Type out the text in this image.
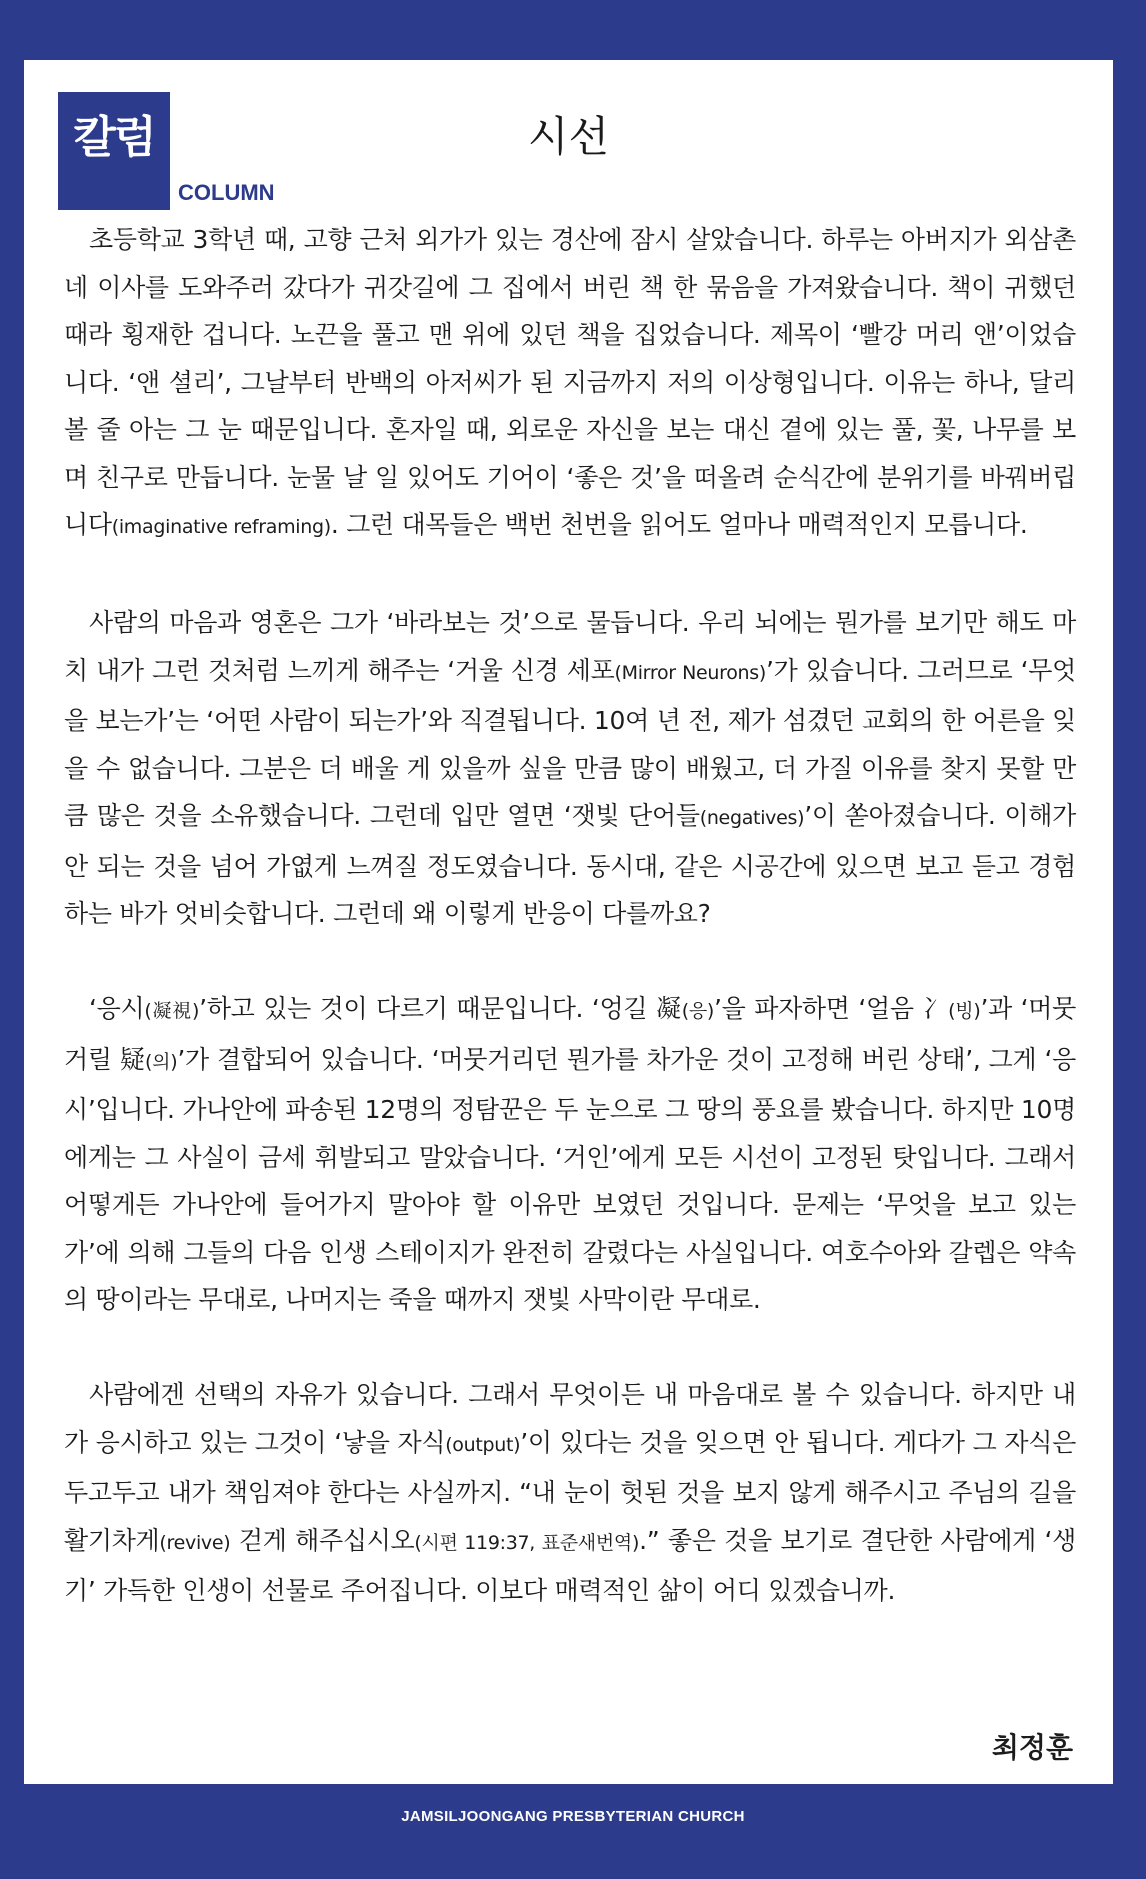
칼럼
COLUMN
시선

초등학교 3학년 때, 고향 근처 외가가 있는 경산에 잠시 살았습니다. 하루는 아버지가 외삼촌네 이사를 도와주러 갔다가 귀갓길에 그 집에서 버린 책 한 묶음을 가져왔습니다. 책이 귀했던 때라 횡재한 겁니다. 노끈을 풀고 맨 위에 있던 책을 집었습니다. 제목이 ‘빨강 머리 앤’이었습니다. ‘앤 셜리’, 그날부터 반백의 아저씨가 된 지금까지 저의 이상형입니다. 이유는 하나, 달리 볼 줄 아는 그 눈 때문입니다. 혼자일 때, 외로운 자신을 보는 대신 곁에 있는 풀, 꽃, 나무를 보며 친구로 만듭니다. 눈물 날 일 있어도 기어이 ‘좋은 것’을 떠올려 순식간에 분위기를 바꿔버립니다(imaginative reframing). 그런 대목들은 백번 천번을 읽어도 얼마나 매력적인지 모릅니다.

사람의 마음과 영혼은 그가 ‘바라보는 것’으로 물듭니다. 우리 뇌에는 뭔가를 보기만 해도 마치 내가 그런 것처럼 느끼게 해주는 ‘거울 신경 세포(Mirror Neurons)’가 있습니다. 그러므로 ‘무엇을 보는가’는 ‘어떤 사람이 되는가’와 직결됩니다. 10여 년 전, 제가 섬겼던 교회의 한 어른을 잊을 수 없습니다. 그분은 더 배울 게 있을까 싶을 만큼 많이 배웠고, 더 가질 이유를 찾지 못할 만큼 많은 것을 소유했습니다. 그런데 입만 열면 ‘잿빛 단어들(negatives)’이 쏟아졌습니다. 이해가 안 되는 것을 넘어 가엾게 느껴질 정도였습니다. 동시대, 같은 시공간에 있으면 보고 듣고 경험하는 바가 엇비슷합니다. 그런데 왜 이렇게 반응이 다를까요?

‘응시(凝視)’하고 있는 것이 다르기 때문입니다. ‘엉길 凝(응)’을 파자하면 ‘얼음 冫(빙)’과 ‘머뭇거릴 疑(의)’가 결합되어 있습니다. ‘머뭇거리던 뭔가를 차가운 것이 고정해 버린 상태’, 그게 ‘응시’입니다. 가나안에 파송된 12명의 정탐꾼은 두 눈으로 그 땅의 풍요를 봤습니다. 하지만 10명에게는 그 사실이 금세 휘발되고 말았습니다. ‘거인’에게 모든 시선이 고정된 탓입니다. 그래서 어떻게든 가나안에 들어가지 말아야 할 이유만 보였던 것입니다. 문제는 ‘무엇을 보고 있는가’에 의해 그들의 다음 인생 스테이지가 완전히 갈렸다는 사실입니다. 여호수아와 갈렙은 약속의 땅이라는 무대로, 나머지는 죽을 때까지 잿빛 사막이란 무대로.

사람에겐 선택의 자유가 있습니다. 그래서 무엇이든 내 마음대로 볼 수 있습니다. 하지만 내가 응시하고 있는 그것이 ‘낳을 자식(output)’이 있다는 것을 잊으면 안 됩니다. 게다가 그 자식은 두고두고 내가 책임져야 한다는 사실까지. “내 눈이 헛된 것을 보지 않게 해주시고 주님의 길을 활기차게(revive) 걷게 해주십시오(시편 119:37, 표준새번역).” 좋은 것을 보기로 결단한 사람에게 ‘생기’ 가득한 인생이 선물로 주어집니다. 이보다 매력적인 삶이 어디 있겠습니까.

최정훈
JAMSILJOONGANG PRESBYTERIAN CHURCH
